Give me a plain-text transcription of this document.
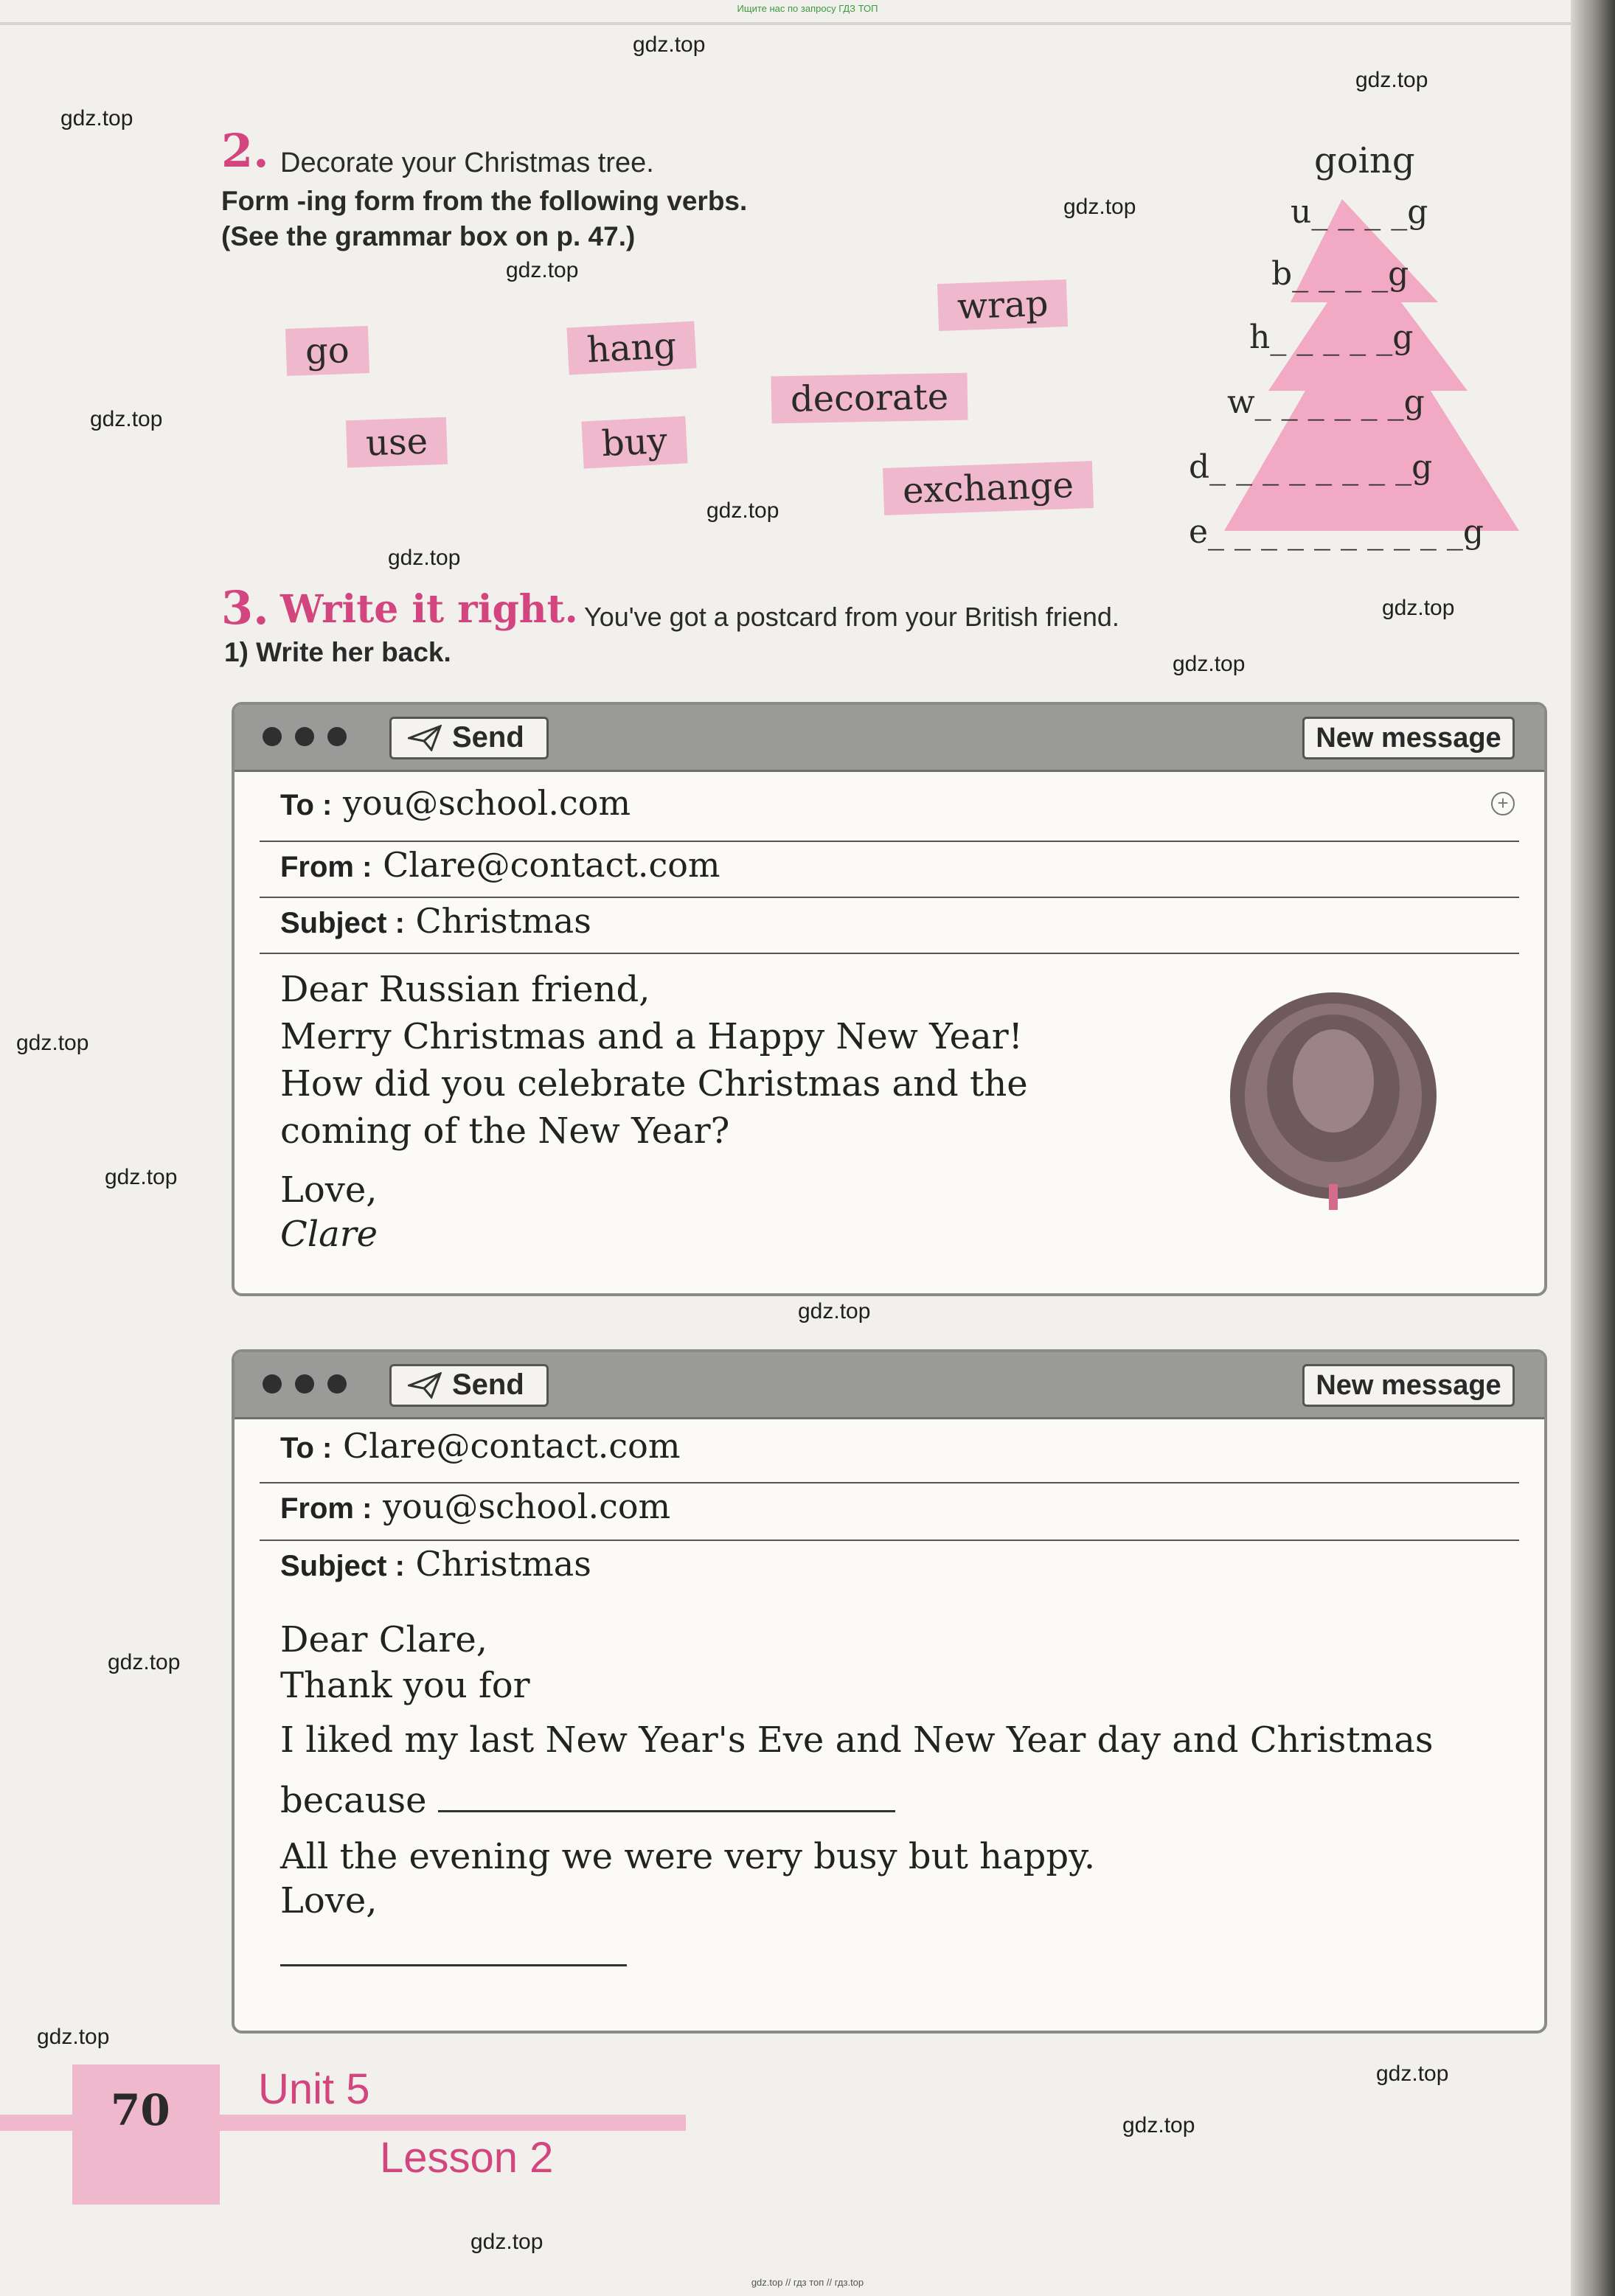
Ищите нас по запросу ГДЗ ТОП
gdz.top
gdz.top
gdz.top
gdz.top
gdz.top
gdz.top
gdz.top
gdz.top
gdz.top
gdz.top
gdz.top
gdz.top
gdz.top
gdz.top
gdz.top
gdz.top
gdz.top
gdz.top
2. Decorate your Christmas tree.
Form -ing form from the following verbs.
(See the grammar box on p. 47.)
go	hang
wrap
decorate
use	buy
exchange
going
u_ _ _ _g
b_ _ _ _g
h_ _ _ _ _g
w_ _ _ _ _ _g
d_ _ _ _ _ _ _ _g
e_ _ _ _ _ _ _ _ _ _g
3. Write it right. You've got a postcard from your British friend.
1) Write her back.
Send	New message
To : you@school.com	+
From : Clare@contact.com
Subject : Christmas
Dear Russian friend,
Merry Christmas and a Happy New Year!
How did you celebrate Christmas and the
coming of the New Year?
Love,
Clare
Send	New message
To : Clare@contact.com
From : you@school.com
Subject : Christmas
Dear Clare,
Thank you for
I liked my last New Year's Eve and New Year day and Christmas
because
All the evening we were very busy but happy.
Love,
70 Unit 5
Lesson 2
gdz.top // гдз топ // гдз.top
